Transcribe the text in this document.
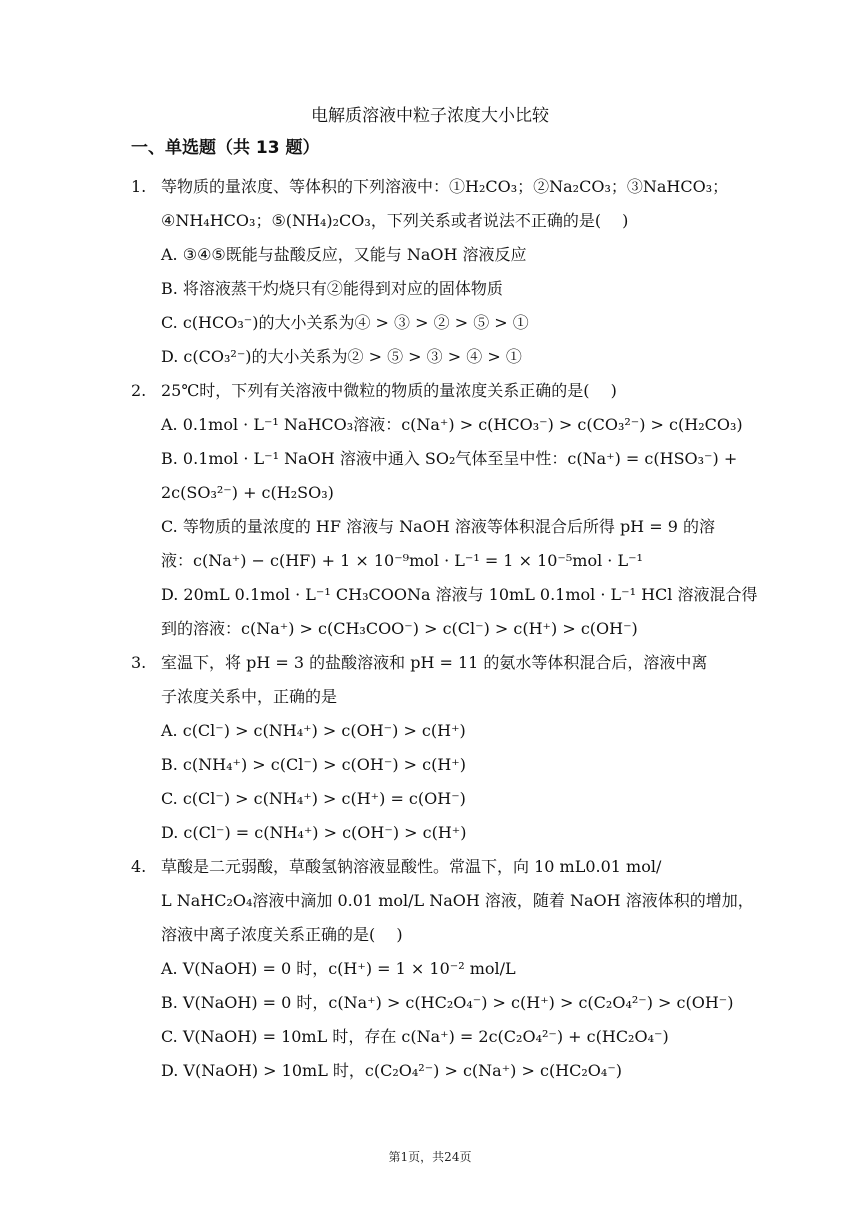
电解质溶液中粒子浓度大小比较
一、单选题（共 13 题）
1. 等物质的量浓度、等体积的下列溶液中：①H₂CO₃；②Na₂CO₃；③NaHCO₃；
④NH₄HCO₃；⑤(NH₄)₂CO₃，下列关系或者说法不正确的是(　 )
A. ③④⑤既能与盐酸反应，又能与 NaOH 溶液反应
B. 将溶液蒸干灼烧只有②能得到对应的固体物质
C. c(HCO₃⁻)的大小关系为④ > ③ > ② > ⑤ > ①
D. c(CO₃²⁻)的大小关系为② > ⑤ > ③ > ④ > ①
2. 25℃时，下列有关溶液中微粒的物质的量浓度关系正确的是(　 )
A. 0.1mol · L⁻¹ NaHCO₃溶液：c(Na⁺) > c(HCO₃⁻) > c(CO₃²⁻) > c(H₂CO₃)
B. 0.1mol · L⁻¹ NaOH 溶液中通入 SO₂气体至呈中性：c(Na⁺) = c(HSO₃⁻) +
2c(SO₃²⁻) + c(H₂SO₃)
C. 等物质的量浓度的 HF 溶液与 NaOH 溶液等体积混合后所得 pH = 9 的溶
液：c(Na⁺) − c(HF) + 1 × 10⁻⁹mol · L⁻¹ = 1 × 10⁻⁵mol · L⁻¹
D. 20mL 0.1mol · L⁻¹ CH₃COONa 溶液与 10mL 0.1mol · L⁻¹ HCl 溶液混合得
到的溶液：c(Na⁺) > c(CH₃COO⁻) > c(Cl⁻) > c(H⁺) > c(OH⁻)
3. 室温下，将 pH = 3 的盐酸溶液和 pH = 11 的氨水等体积混合后，溶液中离
子浓度关系中，正确的是
A. c(Cl⁻) > c(NH₄⁺) > c(OH⁻) > c(H⁺)
B. c(NH₄⁺) > c(Cl⁻) > c(OH⁻) > c(H⁺)
C. c(Cl⁻) > c(NH₄⁺) > c(H⁺) = c(OH⁻)
D. c(Cl⁻) = c(NH₄⁺) > c(OH⁻) > c(H⁺)
4. 草酸是二元弱酸，草酸氢钠溶液显酸性。常温下，向 10 mL0.01 mol/
L NaHC₂O₄溶液中滴加 0.01 mol/L NaOH 溶液，随着 NaOH 溶液体积的增加，
溶液中离子浓度关系正确的是(　 )
A. V(NaOH) = 0 时，c(H⁺) = 1 × 10⁻² mol/L
B. V(NaOH) = 0 时，c(Na⁺) > c(HC₂O₄⁻) > c(H⁺) > c(C₂O₄²⁻) > c(OH⁻)
C. V(NaOH) = 10mL 时，存在 c(Na⁺) = 2c(C₂O₄²⁻) + c(HC₂O₄⁻)
D. V(NaOH) > 10mL 时，c(C₂O₄²⁻) > c(Na⁺) > c(HC₂O₄⁻)
第1页，共24页
